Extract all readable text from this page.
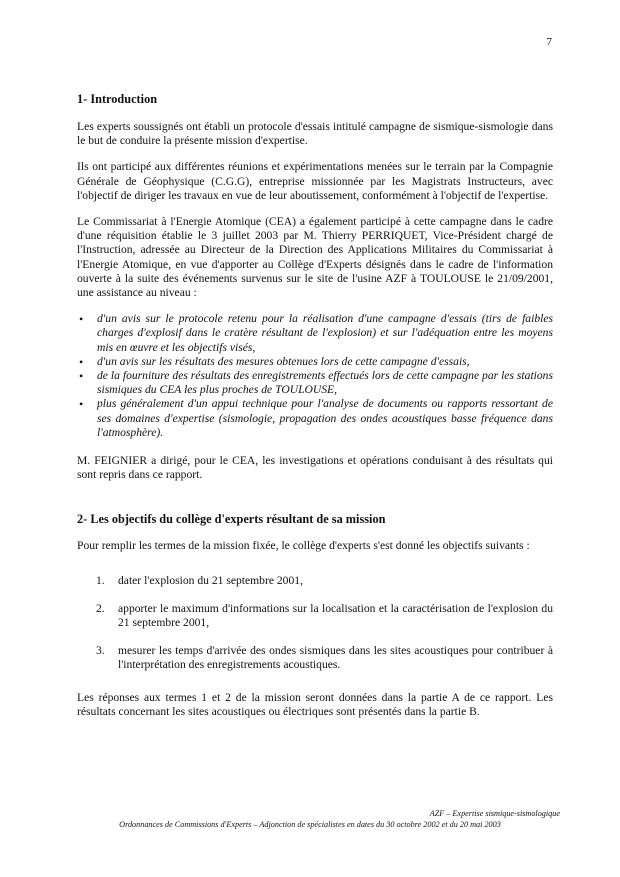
7
1- Introduction

Les experts soussignés ont établi un protocole d'essais intitulé campagne de sismique-sismologie dans le but de conduire la présente mission d'expertise.

Ils ont participé aux différentes réunions et expérimentations menées sur le terrain par la Compagnie Générale de Géophysique (C.G.G), entreprise missionnée par les Magistrats Instructeurs, avec l'objectif de diriger les travaux en vue de leur aboutissement, conformément à l'objectif de l'expertise.

Le Commissariat à l'Energie Atomique (CEA) a également participé à cette campagne dans le cadre d'une réquisition établie le 3 juillet 2003 par M. Thierry PERRIQUET, Vice-Président chargé de l'Instruction, adressée au Directeur de la Direction des Applications Militaires du Commissariat à l'Energie Atomique, en vue d'apporter au Collège d'Experts désignés dans le cadre de l'information ouverte à la suite des événements survenus sur le site de l'usine AZF à TOULOUSE le 21/09/2001, une assistance au niveau :

• d'un avis sur le protocole retenu pour la réalisation d'une campagne d'essais (tirs de faibles charges d'explosif dans le cratère résultant de l'explosion) et sur l'adéquation entre les moyens mis en œuvre et les objectifs visés,
• d'un avis sur les résultats des mesures obtenues lors de cette campagne d'essais,
• de la fourniture des résultats des enregistrements effectués lors de cette campagne par les stations sismiques du CEA les plus proches de TOULOUSE,
• plus généralement d'un appui technique pour l'analyse de documents ou rapports ressortant de ses domaines d'expertise (sismologie, propagation des ondes acoustiques basse fréquence dans l'atmosphère).

M. FEIGNIER a dirigé, pour le CEA, les investigations et opérations conduisant à des résultats qui sont repris dans ce rapport.

2- Les objectifs du collège d'experts résultant de sa mission

Pour remplir les termes de la mission fixée, le collège d'experts s'est donné les objectifs suivants :

1. dater l'explosion du 21 septembre 2001,
2. apporter le maximum d'informations sur la localisation et la caractérisation de l'explosion du 21 septembre 2001,
3. mesurer les temps d'arrivée des ondes sismiques dans les sites acoustiques pour contribuer à l'interprétation des enregistrements acoustiques.

Les réponses aux termes 1 et 2 de la mission seront données dans la partie A de ce rapport. Les résultats concernant les sites acoustiques ou électriques sont présentés dans la partie B.

AZF – Expertise sismique-sismologique
Ordonnances de Commissions d'Experts – Adjonction de spécialistes en dates du 30 octobre 2002 et du 20 mai 2003
